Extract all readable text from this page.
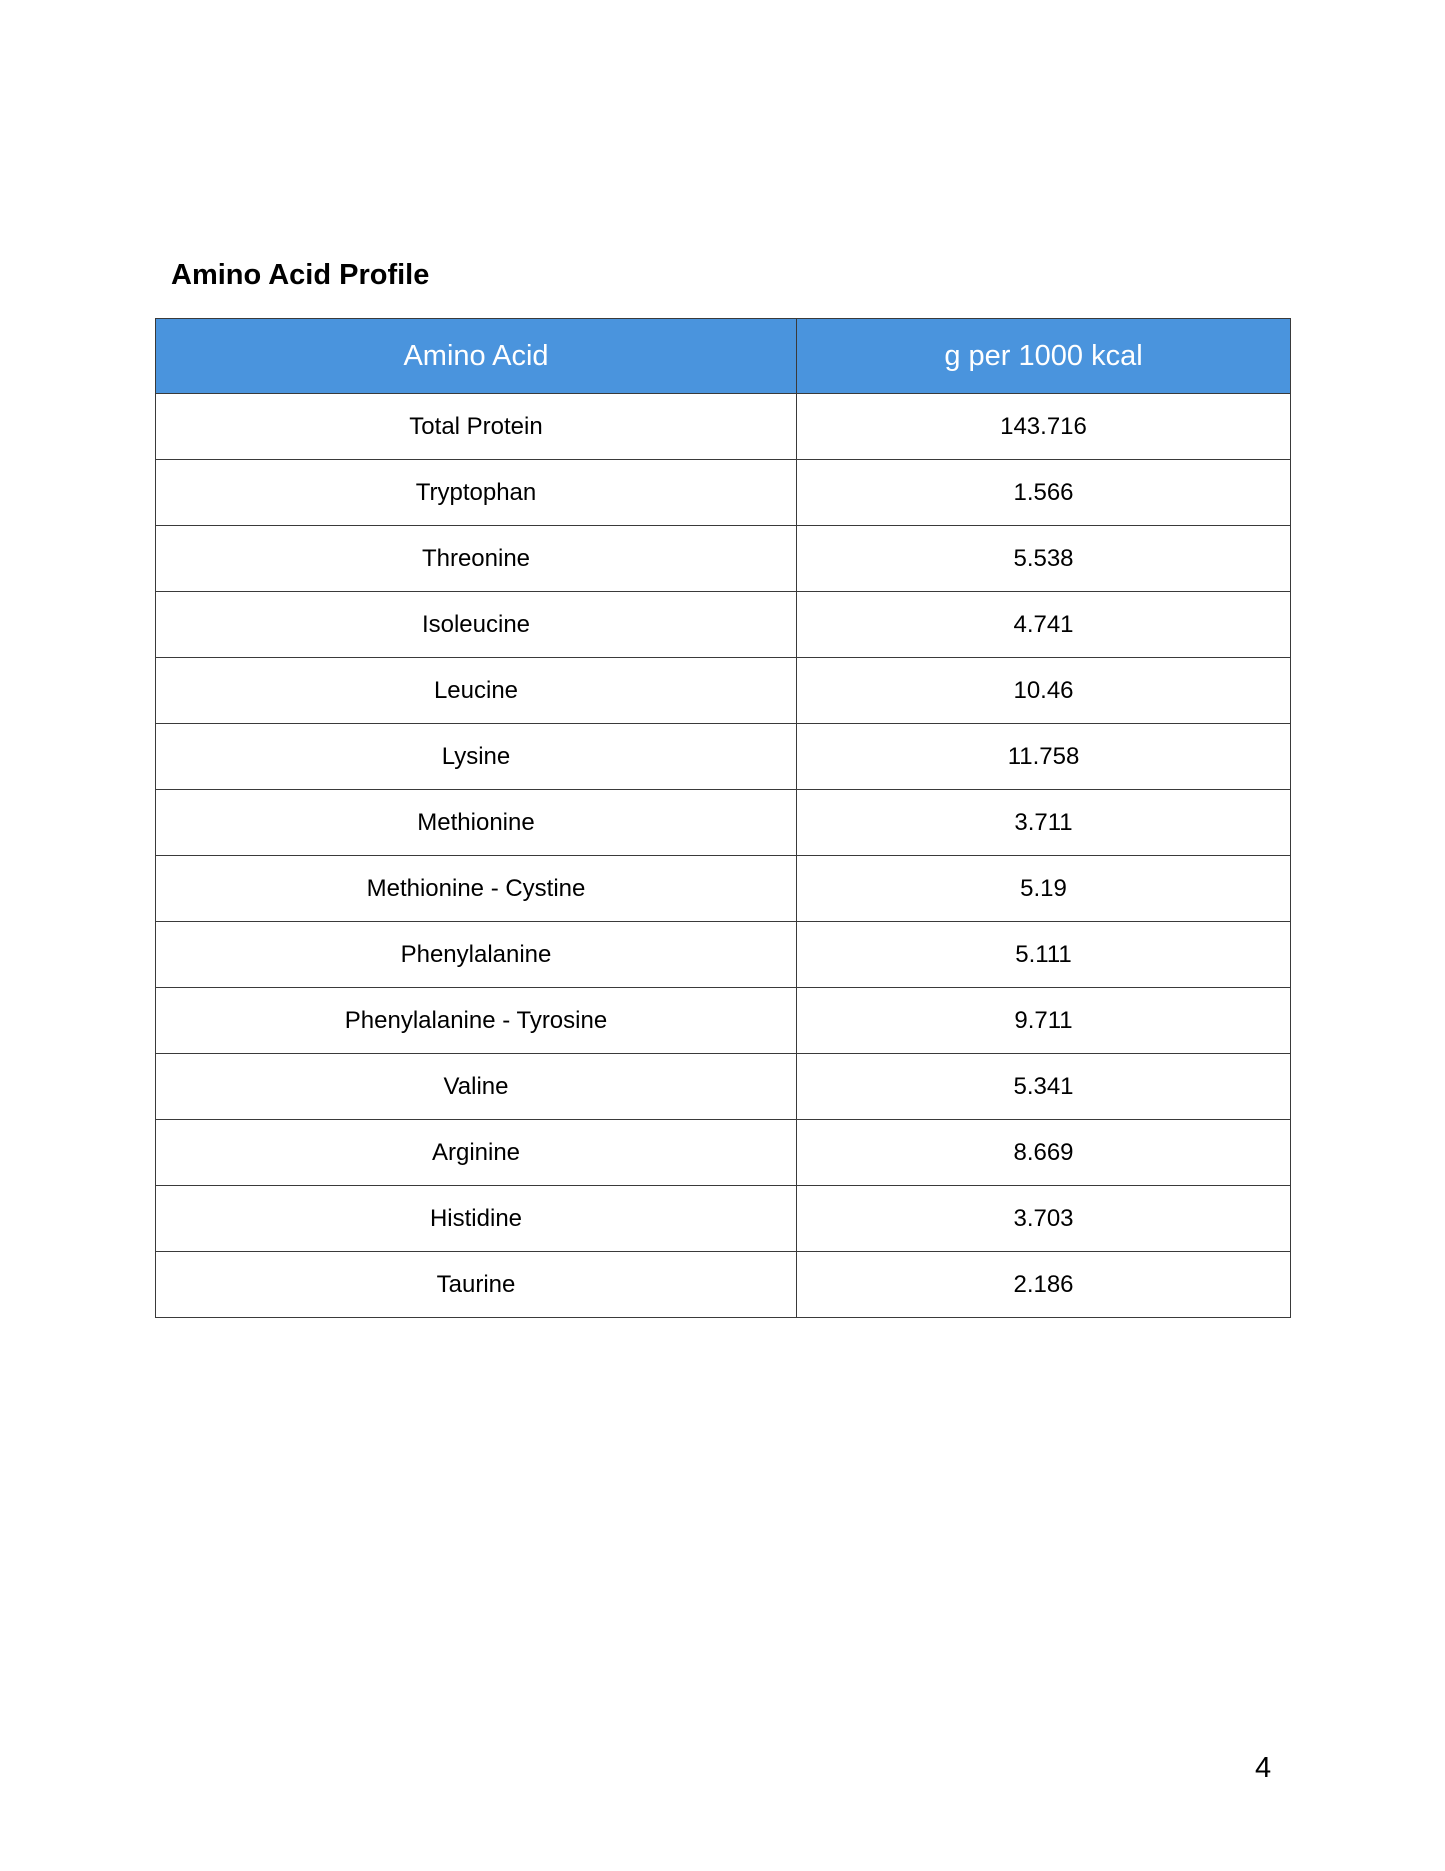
Amino Acid Profile
Amino Acid	g per 1000 kcal
Total Protein	143.716
Tryptophan	1.566
Threonine	5.538
Isoleucine	4.741
Leucine	10.46
Lysine	11.758
Methionine	3.711
Methionine - Cystine	5.19
Phenylalanine	5.111
Phenylalanine - Tyrosine	9.711
Valine	5.341
Arginine	8.669
Histidine	3.703
Taurine	2.186
4
